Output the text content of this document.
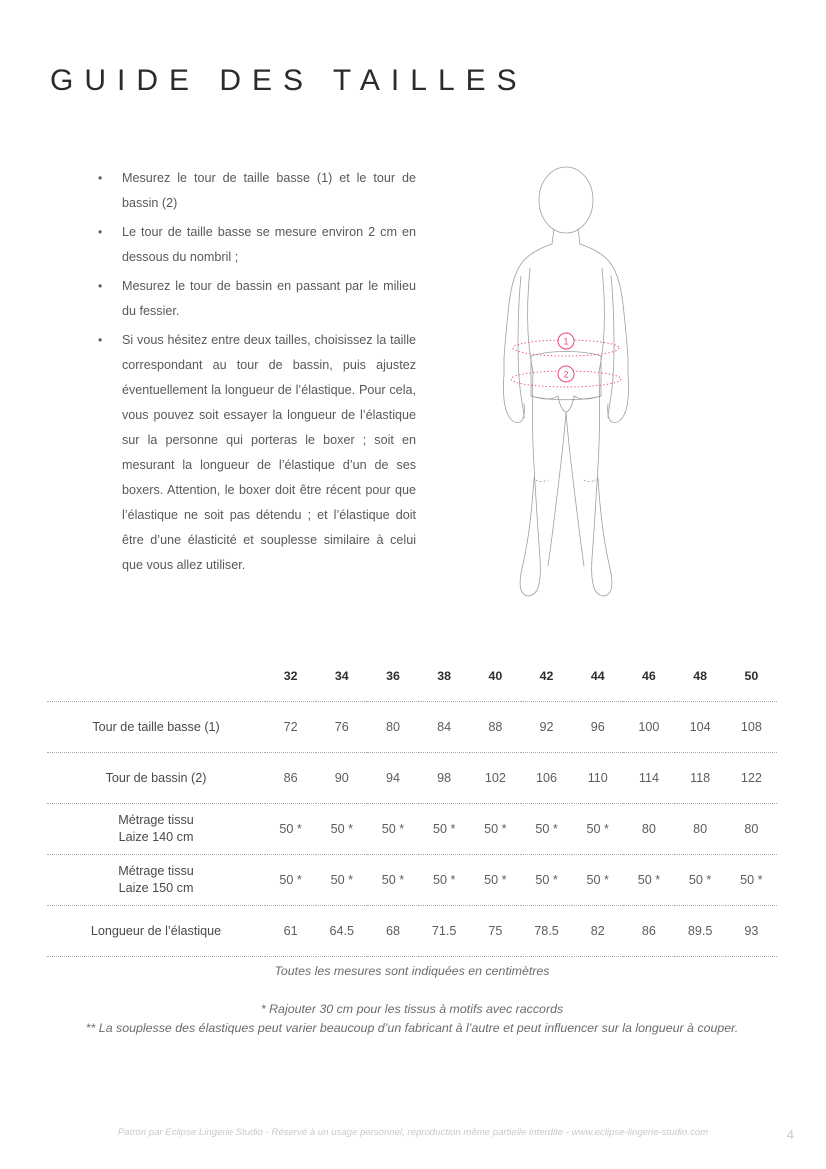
GUIDE DES TAILLES
• Mesurez le tour de taille basse (1) et le tour de bassin (2)
• Le tour de taille basse se mesure environ 2 cm en dessous du nombril ;
• Mesurez le tour de bassin en passant par le milieu du fessier.
• Si vous hésitez entre deux tailles, choisissez la taille correspondant au tour de bassin, puis ajustez éventuellement la longueur de l’élastique. Pour cela, vous pouvez soit essayer la longueur de l’élastique sur la personne qui porteras le boxer ; soit en mesurant la longueur de l’élastique d’un de ses boxers. Attention, le boxer doit être récent pour que l’élastique ne soit pas détendu ; et l’élastique doit être d’une élasticité et souplesse similaire à celui que vous allez utiliser.
1
2
	32	34	36	38	40	42	44	46	48	50

Tour de taille basse (1)	72	76	80	84	88	92	96	100	104	108

Tour de bassin (2)	86	90	94	98	102	106	110	114	118	122

Métrage tissu
Laize 140 cm	50 *	50 *	50 *	50 *	50 *	50 *	50 *	80	80	80

Métrage tissu
Laize 150 cm	50 *	50 *	50 *	50 *	50 *	50 *	50 *	50 *	50 *	50 *

Longueur de l’élastique	61	64.5	68	71.5	75	78.5	82	86	89.5	93
Toutes les mesures sont indiquées en centimètres
* Rajouter 30 cm pour les tissus à motifs avec raccords
** La souplesse des élastiques peut varier beaucoup d’un fabricant à l’autre et peut influencer sur la longueur à couper.
Patron par Eclipse Lingerie Studio - Réservé à un usage personnel, reproduction même partielle interdite - www.eclipse-lingerie-studio.com	4
